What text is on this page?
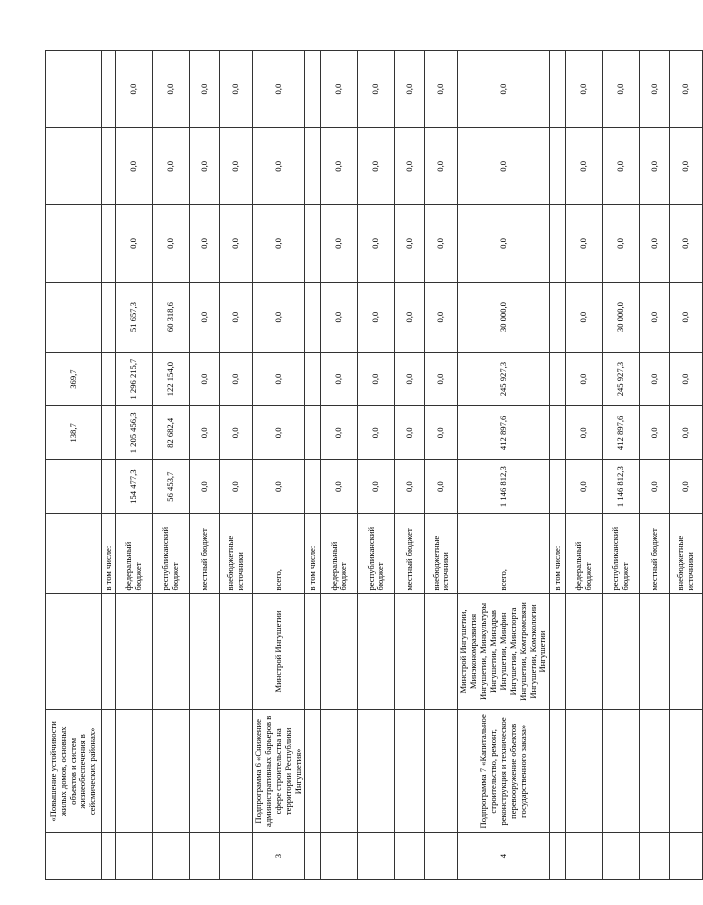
	«Повышение устойчивости жилых домов, основных объектов и систем жизнеобеспечения в сейсмических районах»				138,7	369,7				
			в том числе:							
			федеральный бюджет	154 477,3	1 205 456,3	1 296 215,7	51 657,3	0,0	0,0	0,0
			республиканский бюджет	56 453,7	82 682,4	122 154,0	60 318,6	0,0	0,0	0,0
			местный бюджет	0,0	0,0	0,0	0,0	0,0	0,0	0,0
			внебюджетные источники	0,0	0,0	0,0	0,0	0,0	0,0	0,0
3	Подпрограмма 6 «Снижение административных барьеров в сфере строительства на территории Республики Ингушетия»	Минстрой Ингушетии	всего,	0,0	0,0	0,0	0,0	0,0	0,0	0,0
			в том числе:							
			федеральный бюджет	0,0	0,0	0,0	0,0	0,0	0,0	0,0
			республиканский бюджет	0,0	0,0	0,0	0,0	0,0	0,0	0,0
			местный бюджет	0,0	0,0	0,0	0,0	0,0	0,0	0,0
			внебюджетные источники	0,0	0,0	0,0	0,0	0,0	0,0	0,0
4	Подпрограмма 7 «Капитальное строительство, ремонт, реконструкция и техническое перевооружение объектов государственного заказа»	Минстрой Ингушетии, Минэкономразвития Ингушетии, Минкультуры Ингушетии, Минздрав Ингушетии, Минфин Ингушетии, Минспорта Ингушетии, Комтромсвязи Ингушетии, Комэкологии Ингушетии	всего,	1 146 812,3	412 897,6	245 927,3	30 000,0	0,0	0,0	0,0
			в том числе:							
			федеральный бюджет	0,0	0,0	0,0	0,0	0,0	0,0	0,0
			республиканский бюджет	1 146 812,3	412 897,6	245 927,3	30 000,0	0,0	0,0	0,0
			местный бюджет	0,0	0,0	0,0	0,0	0,0	0,0	0,0
			внебюджетные источники	0,0	0,0	0,0	0,0	0,0	0,0	0,0
